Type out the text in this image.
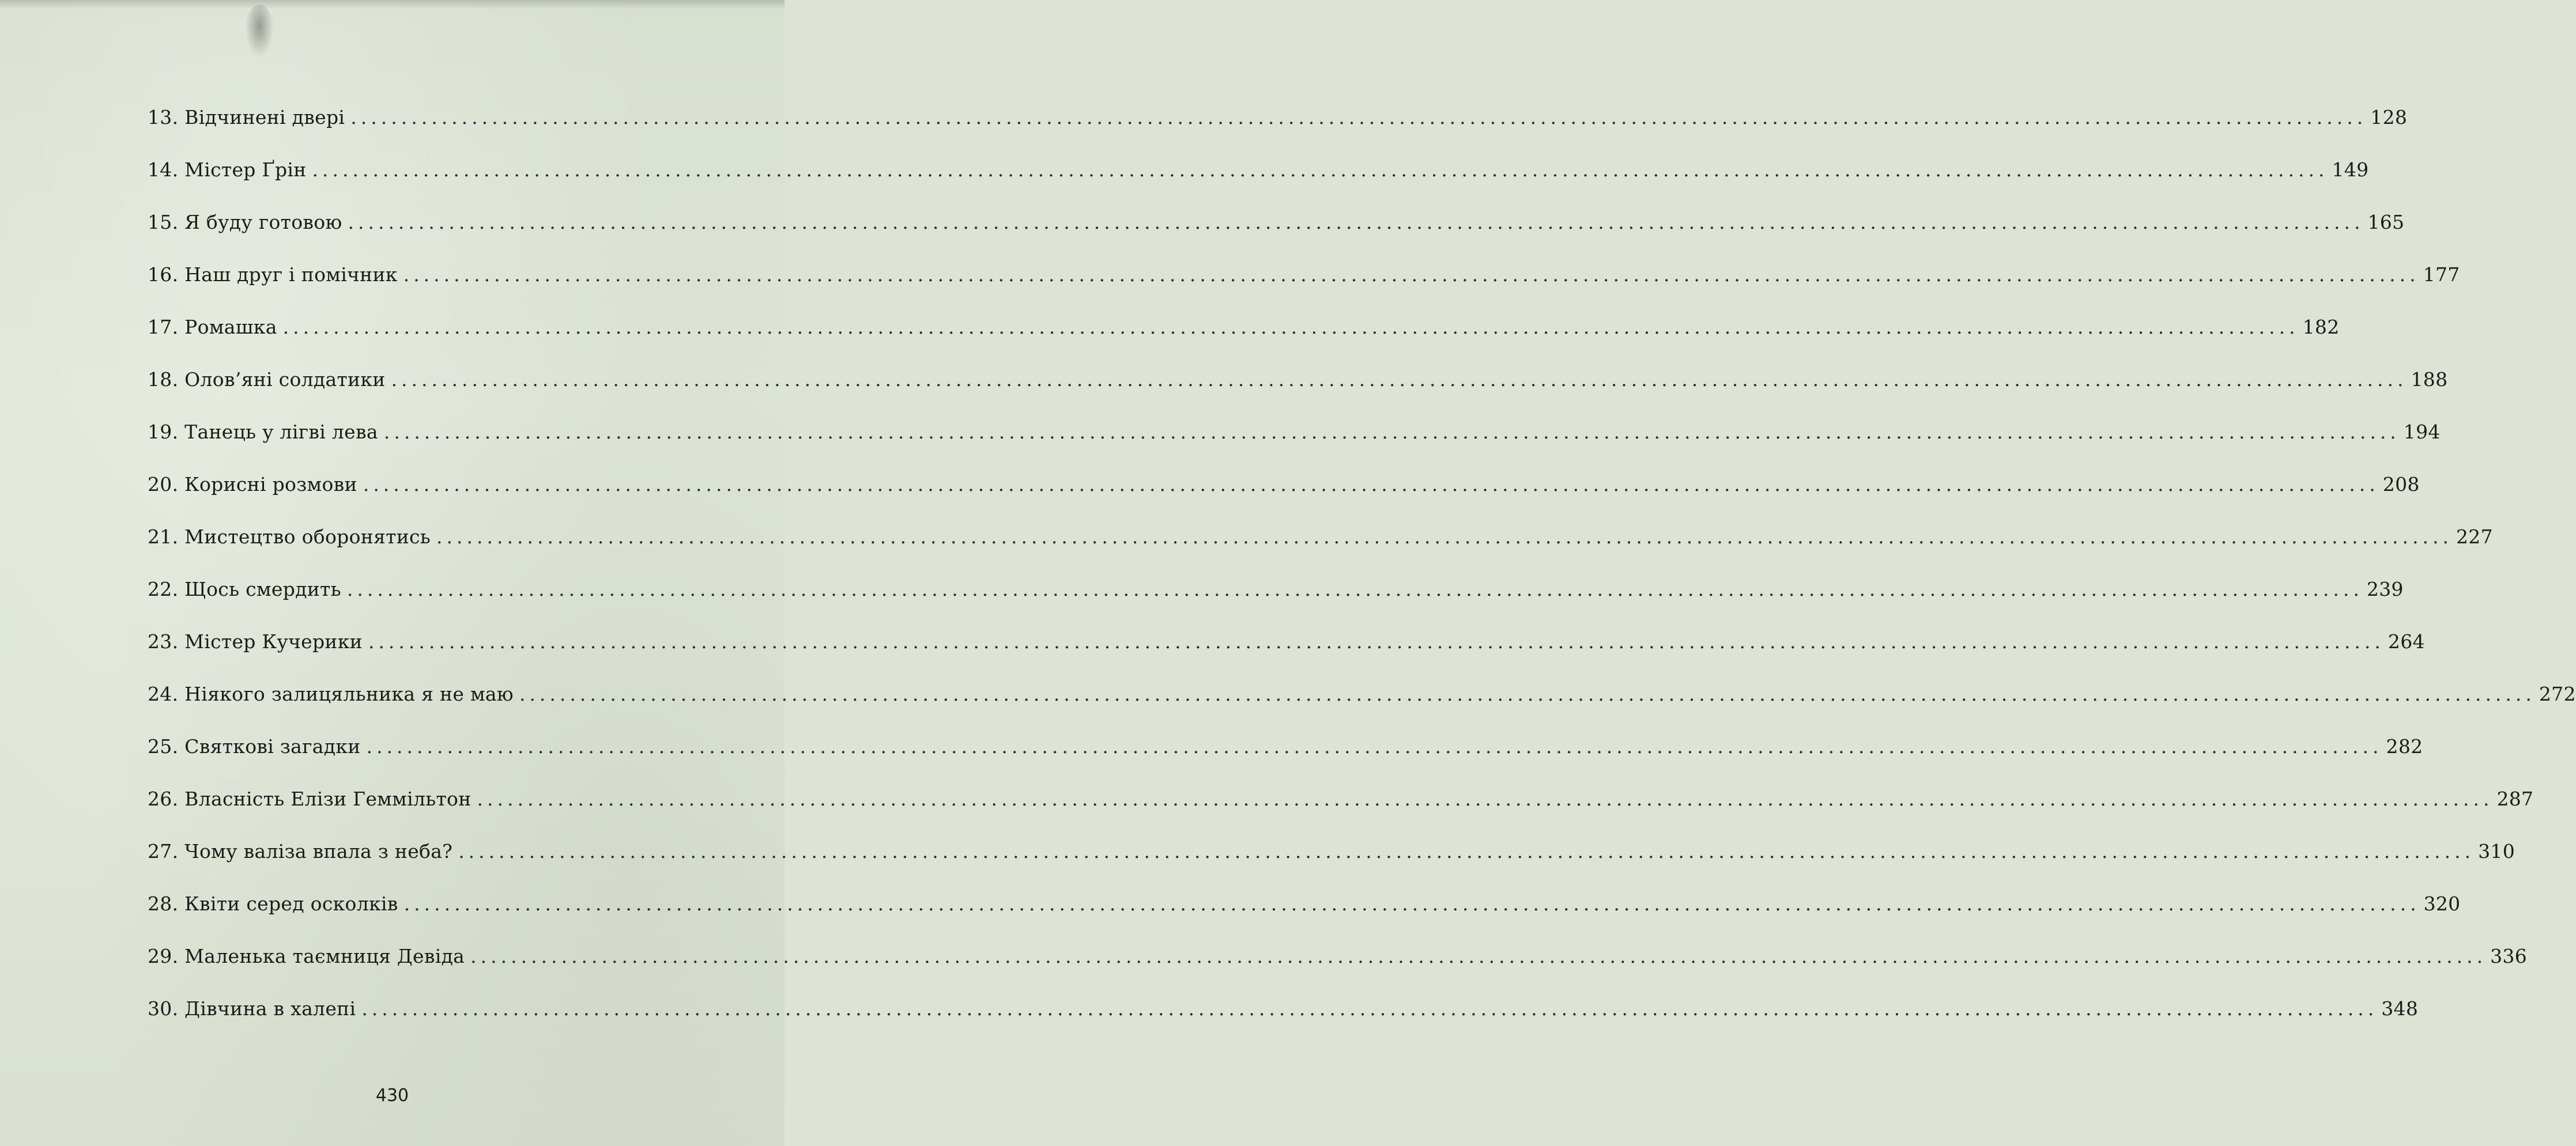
13. Відчинені двері ........................................................................................................................................................................................................ 128
14. Містер Ґрін ........................................................................................................................................................................................................ 149
15. Я буду готовою ........................................................................................................................................................................................................ 165
16. Наш друг і помічник ........................................................................................................................................................................................................ 177
17. Ромашка ........................................................................................................................................................................................................ 182
18. Олов’яні солдатики ........................................................................................................................................................................................................ 188
19. Танець у лігві лева ........................................................................................................................................................................................................ 194
20. Корисні розмови ........................................................................................................................................................................................................ 208
21. Мистецтво оборонятись ........................................................................................................................................................................................................ 227
22. Щось смердить ........................................................................................................................................................................................................ 239
23. Містер Кучерики ........................................................................................................................................................................................................ 264
24. Ніякого залицяльника я не маю ........................................................................................................................................................................................................ 272
25. Святкові загадки ........................................................................................................................................................................................................ 282
26. Власність Елізи Геммільтон ........................................................................................................................................................................................................ 287
27. Чому валіза впала з неба? ........................................................................................................................................................................................................ 310
28. Квіти серед осколків ........................................................................................................................................................................................................ 320
29. Маленька таємниця Девіда ........................................................................................................................................................................................................ 336
30. Дівчина в халепі ........................................................................................................................................................................................................ 348
430
